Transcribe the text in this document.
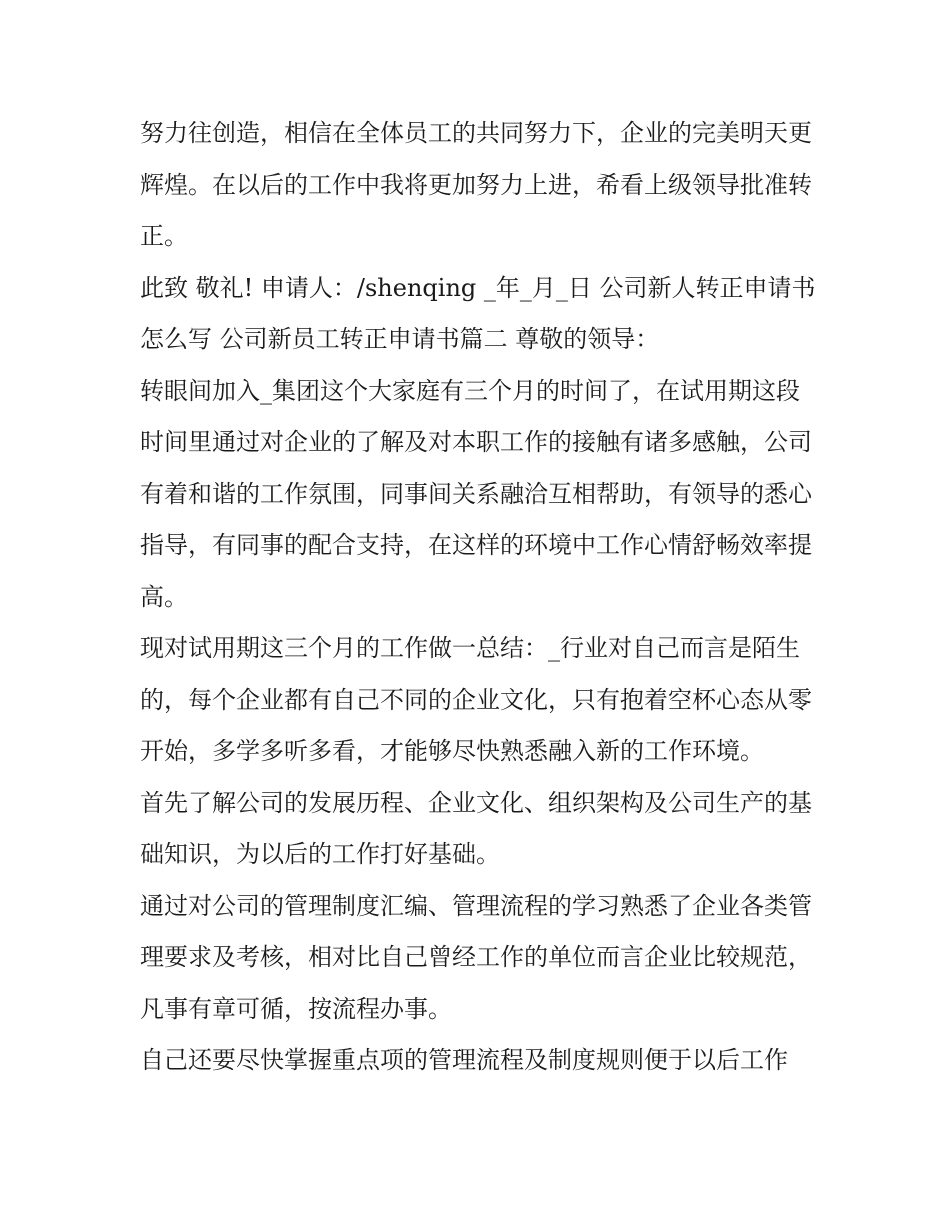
努力往创造，相信在全体员工的共同努力下，企业的完美明天更辉煌。在以后的工作中我将更加努力上进，希看上级领导批准转正。

此致 敬礼! 申请人：/shenqing _年_月_日 公司新人转正申请书怎么写 公司新员工转正申请书篇二 尊敬的领导：

转眼间加入_集团这个大家庭有三个月的时间了，在试用期这段时间里通过对企业的了解及对本职工作的接触有诸多感触，公司有着和谐的工作氛围，同事间关系融洽互相帮助，有领导的悉心指导，有同事的配合支持，在这样的环境中工作心情舒畅效率提高。

现对试用期这三个月的工作做一总结：_行业对自己而言是陌生的，每个企业都有自己不同的企业文化，只有抱着空杯心态从零开始，多学多听多看，才能够尽快熟悉融入新的工作环境。

首先了解公司的发展历程、企业文化、组织架构及公司生产的基础知识，为以后的工作打好基础。

通过对公司的管理制度汇编、管理流程的学习熟悉了企业各类管理要求及考核，相对比自己曾经工作的单位而言企业比较规范，凡事有章可循，按流程办事。

自己还要尽快掌握重点项的管理流程及制度规则便于以后工作
